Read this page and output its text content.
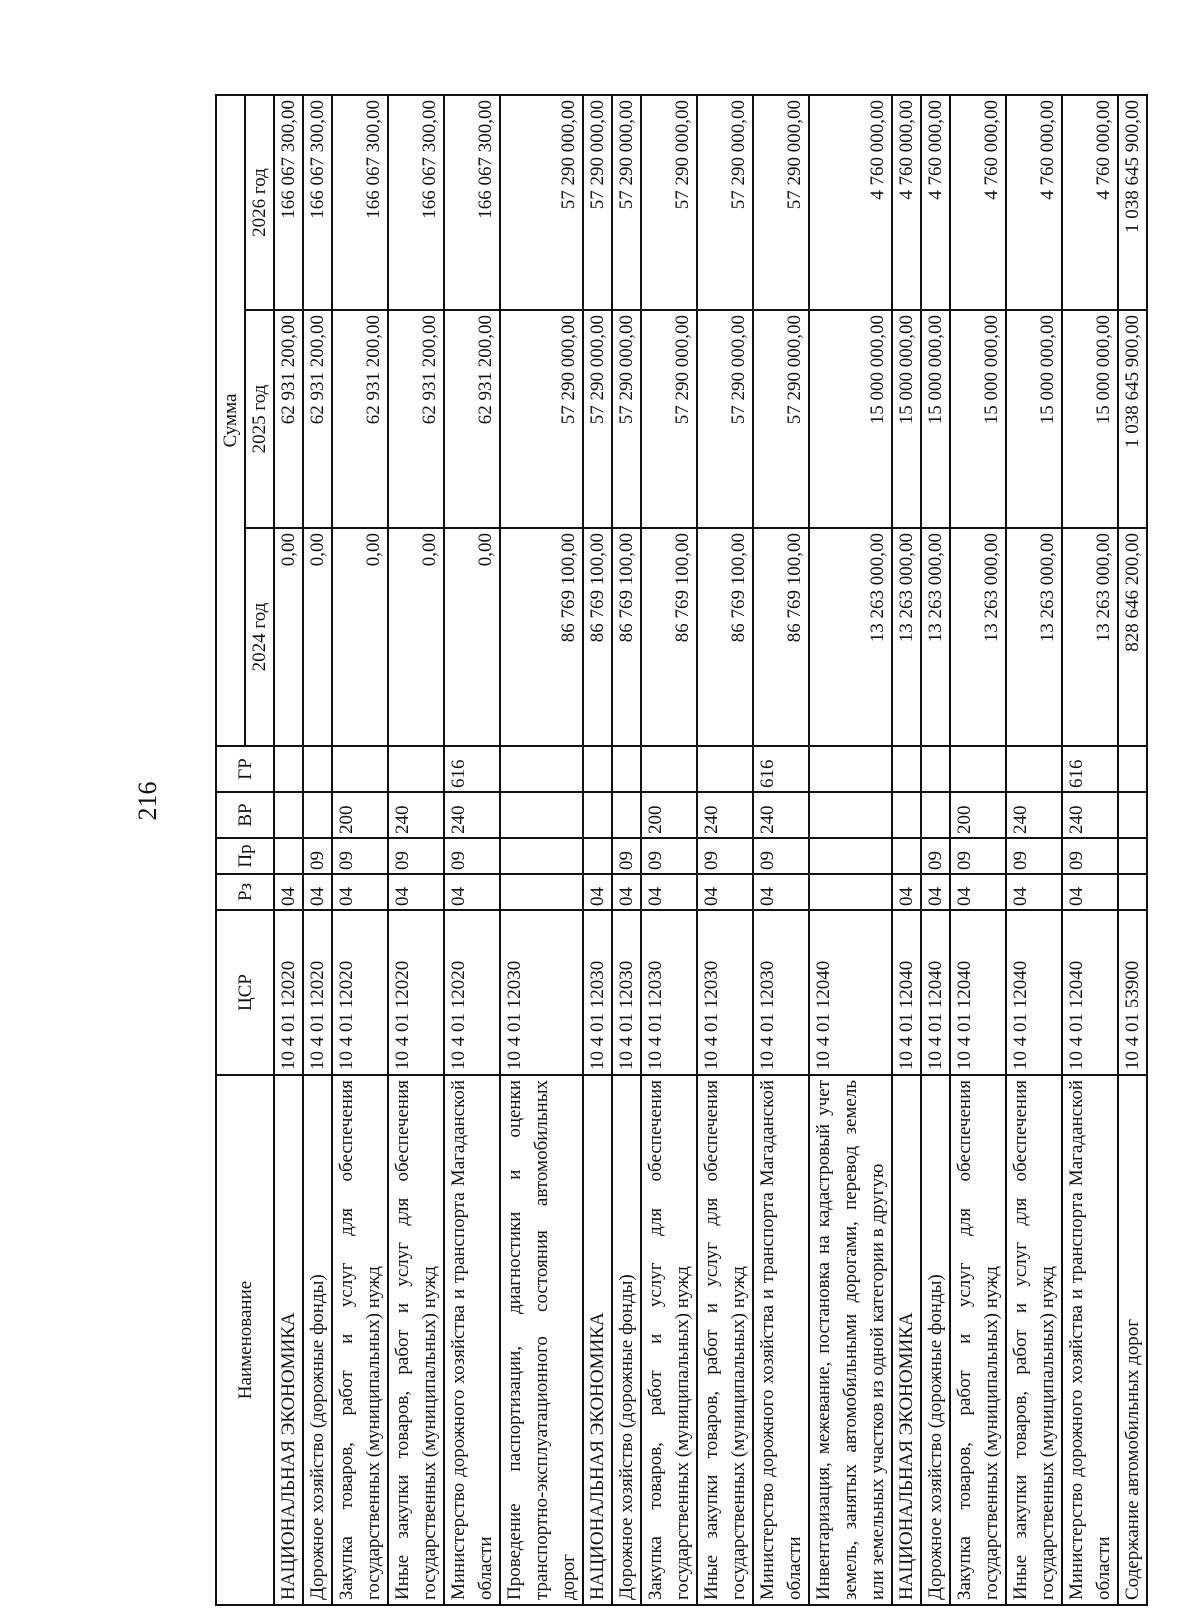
216
Наименование	ЦСР	Рз	Пр	ВР	ГР	Сумма		
						2024 год	2025 год	2026 год
НАЦИОНАЛЬНАЯ ЭКОНОМИКА	10 4 01 12020	04				0,00	62 931 200,00	166 067 300,00
Дорожное хозяйство (дорожные фонды)	10 4 01 12020	04	09			0,00	62 931 200,00	166 067 300,00
Закупка товаров, работ и услуг для обеспечения государственных (муниципальных) нужд	10 4 01 12020	04	09	200		0,00	62 931 200,00	166 067 300,00
Иные закупки товаров, работ и услуг для обеспечения государственных (муниципальных) нужд	10 4 01 12020	04	09	240		0,00	62 931 200,00	166 067 300,00
Министерство дорожного хозяйства и транспорта Магаданской области	10 4 01 12020	04	09	240	616	0,00	62 931 200,00	166 067 300,00
Проведение паспортизации, диагностики и оценки транспортно-эксплуатационного состояния автомобильных дорог	10 4 01 12030					86 769 100,00	57 290 000,00	57 290 000,00
НАЦИОНАЛЬНАЯ ЭКОНОМИКА	10 4 01 12030	04				86 769 100,00	57 290 000,00	57 290 000,00
Дорожное хозяйство (дорожные фонды)	10 4 01 12030	04	09			86 769 100,00	57 290 000,00	57 290 000,00
Закупка товаров, работ и услуг для обеспечения государственных (муниципальных) нужд	10 4 01 12030	04	09	200		86 769 100,00	57 290 000,00	57 290 000,00
Иные закупки товаров, работ и услуг для обеспечения государственных (муниципальных) нужд	10 4 01 12030	04	09	240		86 769 100,00	57 290 000,00	57 290 000,00
Министерство дорожного хозяйства и транспорта Магаданской области	10 4 01 12030	04	09	240	616	86 769 100,00	57 290 000,00	57 290 000,00
Инвентаризация, межевание, постановка на кадастровый учет земель, занятых автомобильными дорогами, перевод земель или земельных участков из одной категории в другую	10 4 01 12040					13 263 000,00	15 000 000,00	4 760 000,00
НАЦИОНАЛЬНАЯ ЭКОНОМИКА	10 4 01 12040	04				13 263 000,00	15 000 000,00	4 760 000,00
Дорожное хозяйство (дорожные фонды)	10 4 01 12040	04	09			13 263 000,00	15 000 000,00	4 760 000,00
Закупка товаров, работ и услуг для обеспечения государственных (муниципальных) нужд	10 4 01 12040	04	09	200		13 263 000,00	15 000 000,00	4 760 000,00
Иные закупки товаров, работ и услуг для обеспечения государственных (муниципальных) нужд	10 4 01 12040	04	09	240		13 263 000,00	15 000 000,00	4 760 000,00
Министерство дорожного хозяйства и транспорта Магаданской области	10 4 01 12040	04	09	240	616	13 263 000,00	15 000 000,00	4 760 000,00
Содержание автомобильных дорог	10 4 01 53900					828 646 200,00	1 038 645 900,00	1 038 645 900,00
